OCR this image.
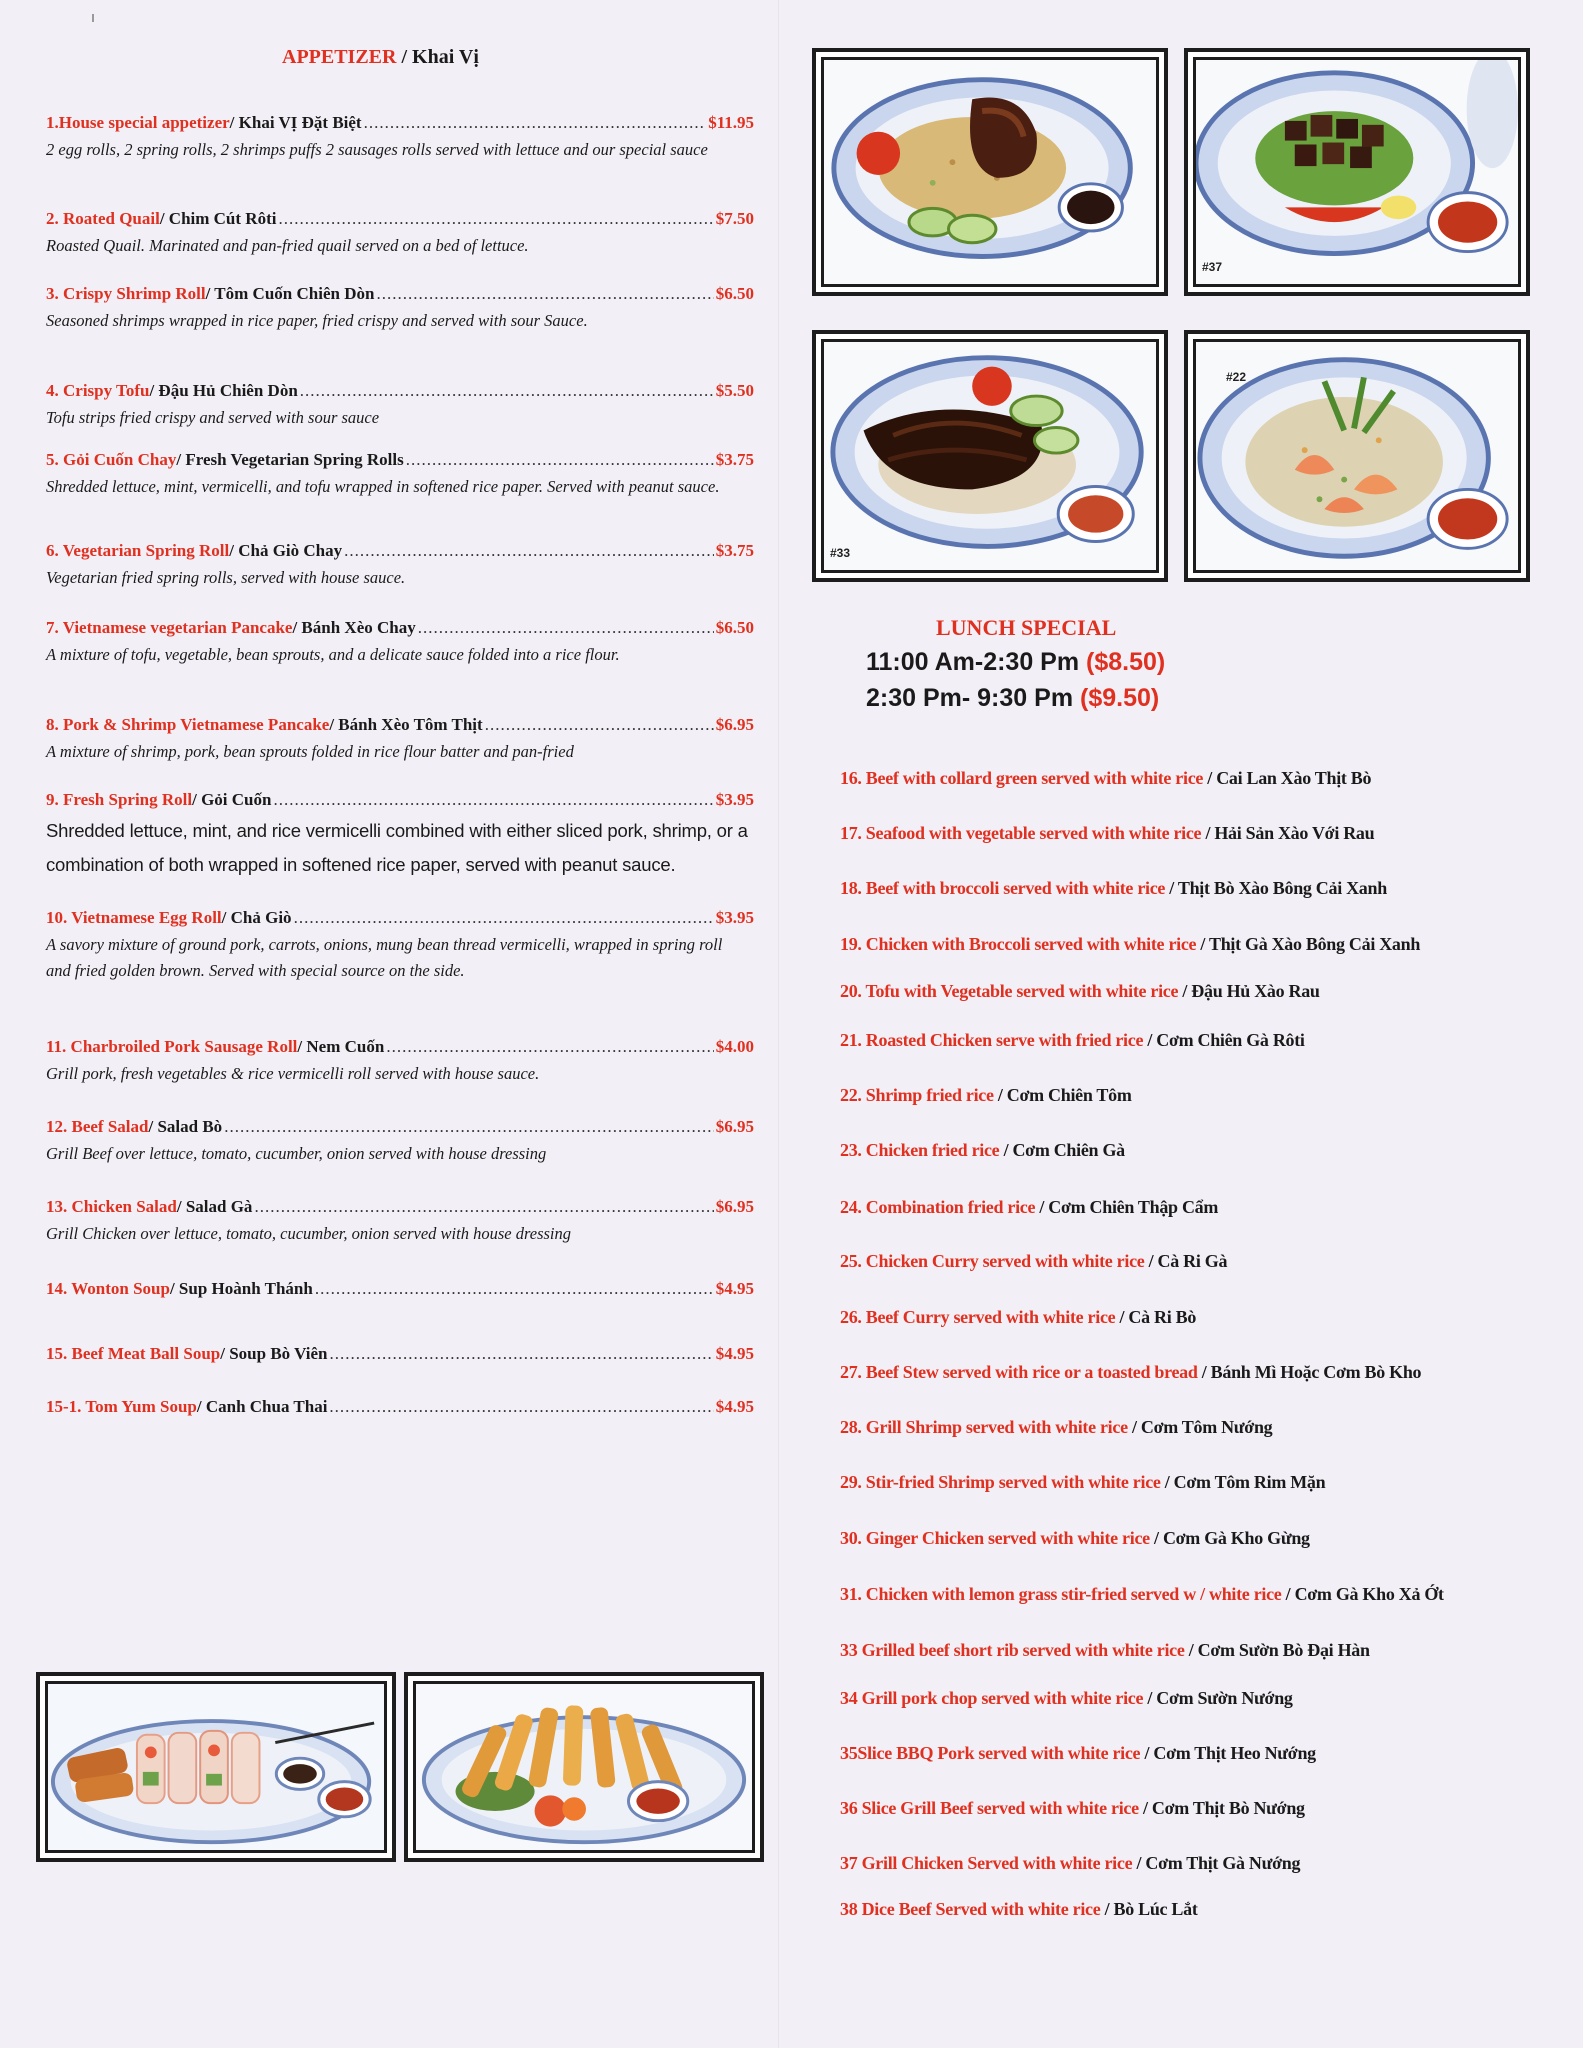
APPETIZER / Khai Vị
1.House special appetizer / Khai VỊ Đặt Biệt .....	$11.95
2 egg rolls, 2 spring rolls, 2 shrimps puffs 2 sausages rolls served with lettuce and our special sauce
2. Roated Quail / Chim Cút Rôti .....	$7.50
Roasted Quail. Marinated and pan-fried quail served on a bed of lettuce.
3. Crispy Shrimp Roll / Tôm Cuốn Chiên Dòn .....	$6.50
Seasoned shrimps wrapped in rice paper, fried crispy and served with sour Sauce.
4. Crispy Tofu / Đậu Hủ Chiên Dòn .....	$5.50
Tofu strips fried crispy and served with sour sauce
5. Gỏi Cuốn Chay / Fresh Vegetarian Spring Rolls .....	$3.75
Shredded lettuce, mint, vermicelli, and tofu wrapped in softened rice paper. Served with peanut sauce.
6. Vegetarian Spring Roll / Chả Giò Chay .....	$3.75
Vegetarian fried spring rolls, served with house sauce.
7. Vietnamese vegetarian Pancake / Bánh Xèo Chay .....	$6.50
A mixture of tofu, vegetable, bean sprouts, and a delicate sauce folded into a rice flour.
8. Pork & Shrimp Vietnamese Pancake / Bánh Xèo Tôm Thịt .....	$6.95
A mixture of shrimp, pork, bean sprouts folded in rice flour batter and pan-fried
9. Fresh Spring Roll / Gỏi Cuốn .....	$3.95
Shredded lettuce, mint, and rice vermicelli combined with either sliced pork, shrimp, or a combination of both wrapped in softened rice paper, served with peanut sauce.
10. Vietnamese Egg Roll / Chả Giò .....	$3.95
A savory mixture of ground pork, carrots, onions, mung bean thread vermicelli, wrapped in spring roll and fried golden brown. Served with special source on the side.
11. Charbroiled Pork Sausage Roll / Nem Cuốn .....	$4.00
Grill pork, fresh vegetables & rice vermicelli roll served with house sauce.
12. Beef Salad / Salad Bò .....	$6.95
Grill Beef over lettuce, tomato, cucumber, onion served with house dressing
13. Chicken Salad / Salad Gà .....	$6.95
Grill Chicken over lettuce, tomato, cucumber, onion served with house dressing
14. Wonton Soup / Sup Hoành Thánh .....	$4.95
15. Beef Meat Ball Soup / Soup Bò Viên .....	$4.95
15-1. Tom Yum Soup / Canh Chua Thai .....	$4.95
#37
#33
#22
LUNCH SPECIAL
11:00 Am-2:30 Pm ($8.50)
2:30 Pm- 9:30 Pm ($9.50)
16. Beef with collard green served with white rice / Cai Lan Xào Thịt Bò
17. Seafood with vegetable served with white rice / Hải Sản Xào Với Rau
18. Beef with broccoli served with white rice / Thịt Bò Xào Bông Cải Xanh
19. Chicken with Broccoli served with white rice / Thịt Gà Xào Bông Cải Xanh
20. Tofu with Vegetable served with white rice / Đậu Hủ Xào Rau
21. Roasted Chicken serve with fried rice / Cơm Chiên Gà Rôti
22. Shrimp fried rice / Cơm Chiên Tôm
23. Chicken fried rice / Cơm Chiên Gà
24. Combination fried rice / Cơm Chiên Thập Cẩm
25. Chicken Curry served with white rice / Cà Ri Gà
26. Beef Curry served with white rice / Cà Ri Bò
27. Beef Stew served with rice or a toasted bread / Bánh Mì Hoặc Cơm Bò Kho
28. Grill Shrimp served with white rice / Cơm Tôm Nướng
29. Stir-fried Shrimp served with white rice / Cơm Tôm Rim Mặn
30. Ginger Chicken served with white rice / Cơm Gà Kho Gừng
31. Chicken with lemon grass stir-fried served w / white rice / Cơm Gà Kho Xả Ớt
33 Grilled beef short rib served with white rice / Cơm Sườn Bò Đại Hàn
34 Grill pork chop served with white rice / Cơm Sườn Nướng
35Slice BBQ Pork served with white rice / Cơm Thịt Heo Nướng
36 Slice Grill Beef served with white rice / Cơm Thịt Bò Nướng
37 Grill Chicken Served with white rice / Cơm Thịt Gà Nướng
38 Dice Beef Served with white rice / Bò Lúc Lắt
